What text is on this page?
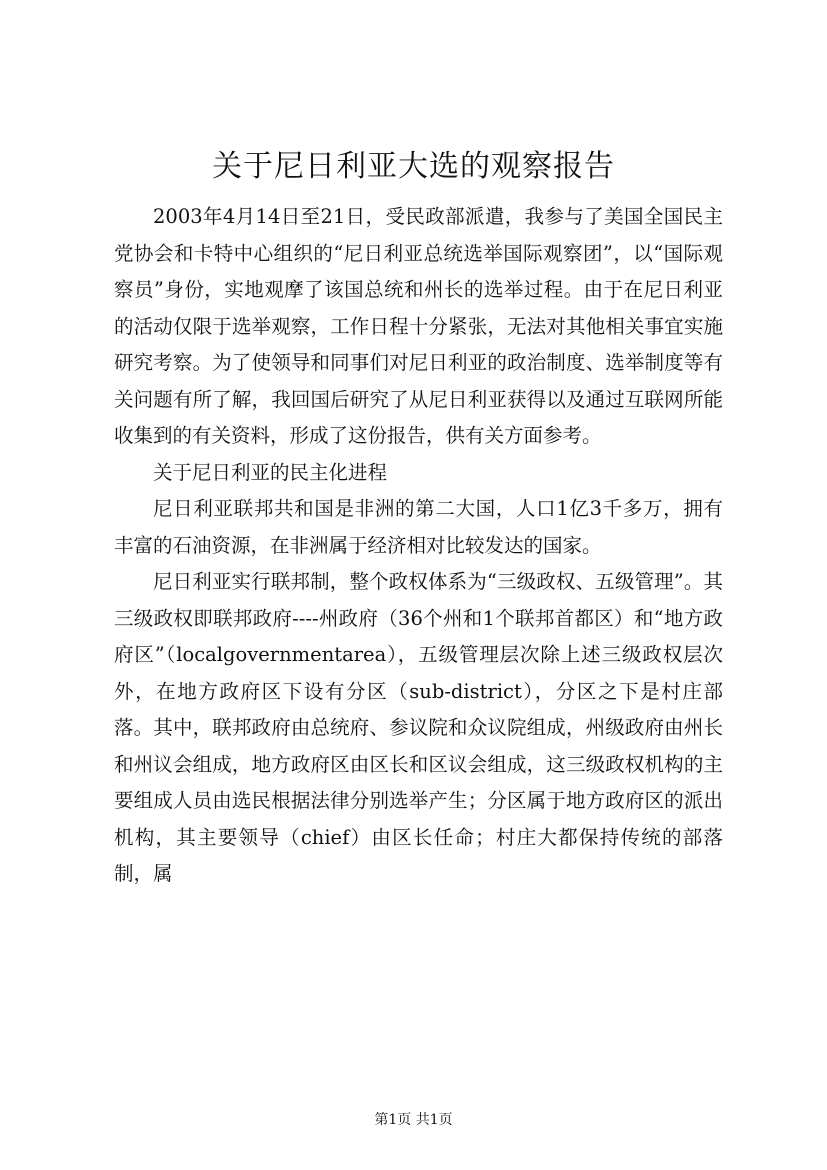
关于尼日利亚大选的观察报告

2003年4月14日至21日，受民政部派遣，我参与了美国全国民主党协会和卡特中心组织的“尼日利亚总统选举国际观察团”，以“国际观察员”身份，实地观摩了该国总统和州长的选举过程。由于在尼日利亚的活动仅限于选举观察，工作日程十分紧张，无法对其他相关事宜实施研究考察。为了使领导和同事们对尼日利亚的政治制度、选举制度等有关问题有所了解，我回国后研究了从尼日利亚获得以及通过互联网所能收集到的有关资料，形成了这份报告，供有关方面参考。

关于尼日利亚的民主化进程

尼日利亚联邦共和国是非洲的第二大国，人口1亿3千多万，拥有丰富的石油资源，在非洲属于经济相对比较发达的国家。

尼日利亚实行联邦制，整个政权体系为“三级政权、五级管理”。其三级政权即联邦政府----州政府（36个州和1个联邦首都区）和“地方政府区”（localgovernmentarea），五级管理层次除上述三级政权层次外，在地方政府区下设有分区（sub-district），分区之下是村庄部落。其中，联邦政府由总统府、参议院和众议院组成，州级政府由州长和州议会组成，地方政府区由区长和区议会组成，这三级政权机构的主要组成人员由选民根据法律分别选举产生；分区属于地方政府区的派出机构，其主要领导（chief）由区长任命；村庄大都保持传统的部落制，属

第1页 共1页
